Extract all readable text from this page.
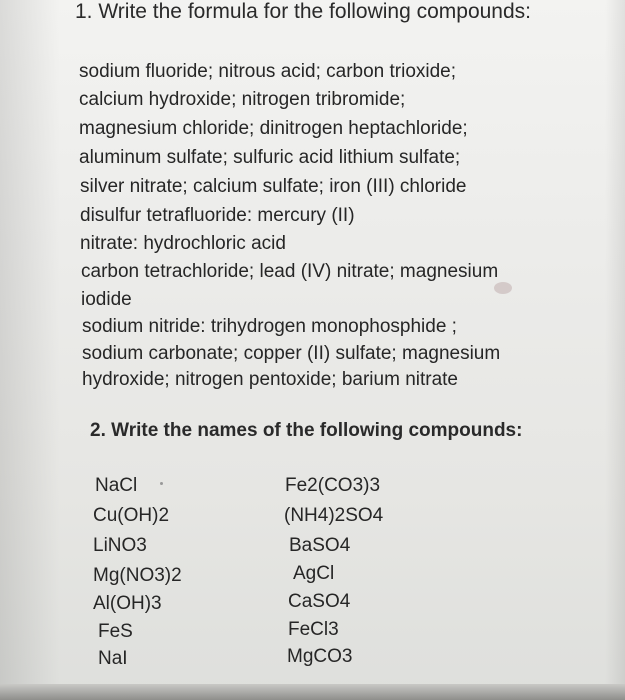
1. Write the formula for the following compounds:

sodium fluoride; nitrous acid; carbon trioxide;

calcium hydroxide; nitrogen tribromide;

magnesium chloride; dinitrogen heptachloride;

aluminum sulfate; sulfuric acid lithium sulfate;

silver nitrate; calcium sulfate; iron (III) chloride

disulfur tetrafluoride: mercury (II)

nitrate: hydrochloric acid

carbon tetrachloride; lead (IV) nitrate; magnesium

iodide

sodium nitride: trihydrogen monophosphide ;

sodium carbonate; copper (II) sulfate; magnesium

hydroxide; nitrogen pentoxide; barium nitrate

2. Write the names of the following compounds:

NaCl

Cu(OH)2

LiNO3

Mg(NO3)2

Al(OH)3

FeS

NaI

Fe2(CO3)3

(NH4)2SO4

BaSO4

AgCl

CaSO4

FeCl3

MgCO3
